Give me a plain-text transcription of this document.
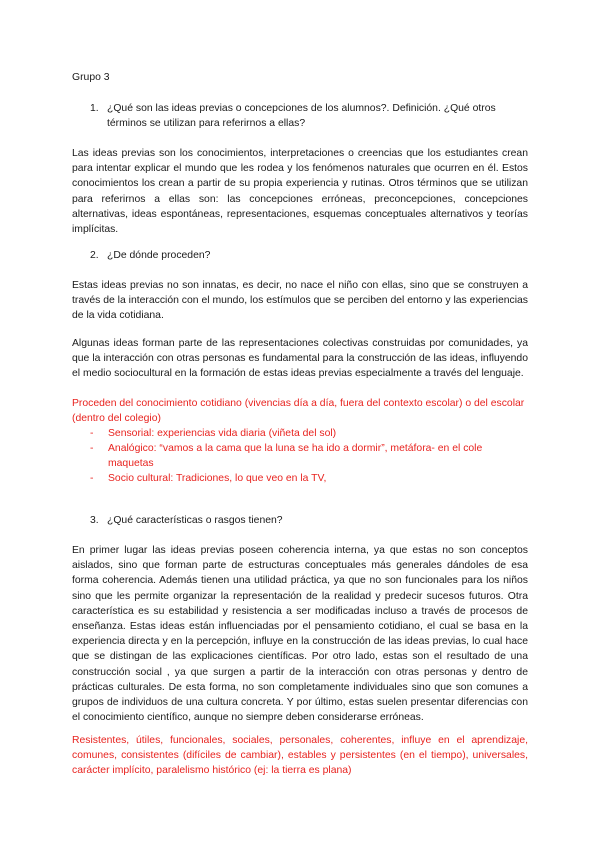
Grupo 3
1. ¿Qué son las ideas previas o concepciones de los alumnos?. Definición. ¿Qué otros términos se utilizan para referirnos a ellas?
Las ideas previas son los conocimientos, interpretaciones o creencias que los estudiantes crean para intentar explicar el mundo que les rodea y los fenómenos naturales que ocurren en él. Estos conocimientos los crean a partir de su propia experiencia y rutinas. Otros términos que se utilizan para referirnos a ellas son: las concepciones erróneas, preconcepciones, concepciones alternativas, ideas espontáneas, representaciones, esquemas conceptuales alternativos y teorías implícitas.
2. ¿De dónde proceden?
Estas ideas previas no son innatas, es decir, no nace el niño con ellas, sino que se construyen a través de la interacción con el mundo, los estímulos que se perciben del entorno y las experiencias de la vida cotidiana.
Algunas ideas forman parte de las representaciones colectivas construidas por comunidades, ya que la interacción con otras personas es fundamental para la construcción de las ideas, influyendo el medio sociocultural en la formación de estas ideas previas especialmente a través del lenguaje.
Proceden del conocimiento cotidiano (vivencias día a día, fuera del contexto escolar) o del escolar (dentro del colegio)
- Sensorial: experiencias vida diaria (viñeta del sol)
- Analógico: “vamos a la cama que la luna se ha ido a dormir”, metáfora- en el cole maquetas
- Socio cultural: Tradiciones, lo que veo en la TV,
3. ¿Qué características o rasgos tienen?
En primer lugar las ideas previas poseen coherencia interna, ya que estas no son conceptos aislados, sino que forman parte de estructuras conceptuales más generales dándoles de esa forma coherencia. Además tienen una utilidad práctica, ya que no son funcionales para los niños sino que les permite organizar la representación de la realidad y predecir sucesos futuros. Otra característica es su estabilidad y resistencia a ser modificadas incluso a través de procesos de enseñanza. Estas ideas están influenciadas por el pensamiento cotidiano, el cual se basa en la experiencia directa y en la percepción, influye en la construcción de las ideas previas, lo cual hace que se distingan de las explicaciones científicas. Por otro lado, estas son el resultado de una construcción social , ya que surgen a partir de la interacción con otras personas y dentro de prácticas culturales. De esta forma, no son completamente individuales sino que son comunes a grupos de individuos de una cultura concreta. Y por último, estas suelen presentar diferencias con el conocimiento científico, aunque no siempre deben considerarse erróneas.
Resistentes, útiles, funcionales, sociales, personales, coherentes, influye en el aprendizaje, comunes, consistentes (difíciles de cambiar), estables y persistentes (en el tiempo), universales, carácter implícito, paralelismo histórico (ej: la tierra es plana)
